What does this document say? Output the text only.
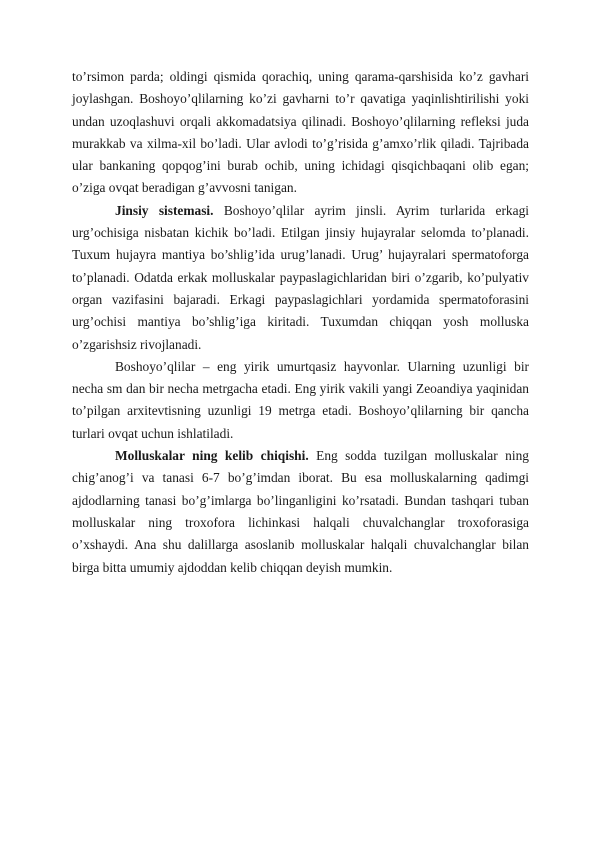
to’rsimon parda; oldingi qismida qorachiq, uning qarama-qarshisida ko’z gavhari joylashgan. Boshoyo’qlilarning ko’zi gavharni to’r qavatiga yaqinlishtirilishi yoki undan uzoqlashuvi orqali akkomadatsiya qilinadi. Boshoyo’qlilarning refleksi juda murakkab va xilma-xil bo’ladi. Ular avlodi to’g’risida g’amxo’rlik qiladi. Tajribada ular bankaning qopqog’ini burab ochib, uning ichidagi qisqichbaqani olib egan; o’ziga ovqat beradigan g’avvosni tanigan.

Jinsiy sistemasi. Boshoyo’qlilar ayrim jinsli. Ayrim turlarida erkagi urg’ochisiga nisbatan kichik bo’ladi. Etilgan jinsiy hujayralar selomda to’planadi. Tuxum hujayra mantiya bo’shlig’ida urug’lanadi. Urug’ hujayralari spermatoforga to’planadi. Odatda erkak molluskalar paypaslagichlaridan biri o’zgarib, ko’pulyativ organ vazifasini bajaradi. Erkagi paypaslagichlari yordamida spermatoforasini urg’ochisi mantiya bo’shlig’iga kiritadi. Tuxumdan chiqqan yosh molluska o’zgarishsiz rivojlanadi.

Boshoyo’qlilar – eng yirik umurtqasiz hayvonlar. Ularning uzunligi bir necha sm dan bir necha metrgacha etadi. Eng yirik vakili yangi Zeoandiya yaqinidan to’pilgan arxitevtisning uzunligi 19 metrga etadi. Boshoyo’qlilarning bir qancha turlari ovqat uchun ishlatiladi.

Molluskalar ning kelib chiqishi. Eng sodda tuzilgan molluskalar ning chig’anog’i va tanasi 6-7 bo’g’imdan iborat. Bu esa molluskalarning qadimgi ajdodlarning tanasi bo’g’imlarga bo’linganligini ko’rsatadi. Bundan tashqari tuban molluskalar ning troxofora lichinkasi halqali chuvalchanglar troxoforasiga o’xshaydi. Ana shu dalillarga asoslanib molluskalar halqali chuvalchanglar bilan birga bitta umumiy ajdoddan kelib chiqqan deyish mumkin.
